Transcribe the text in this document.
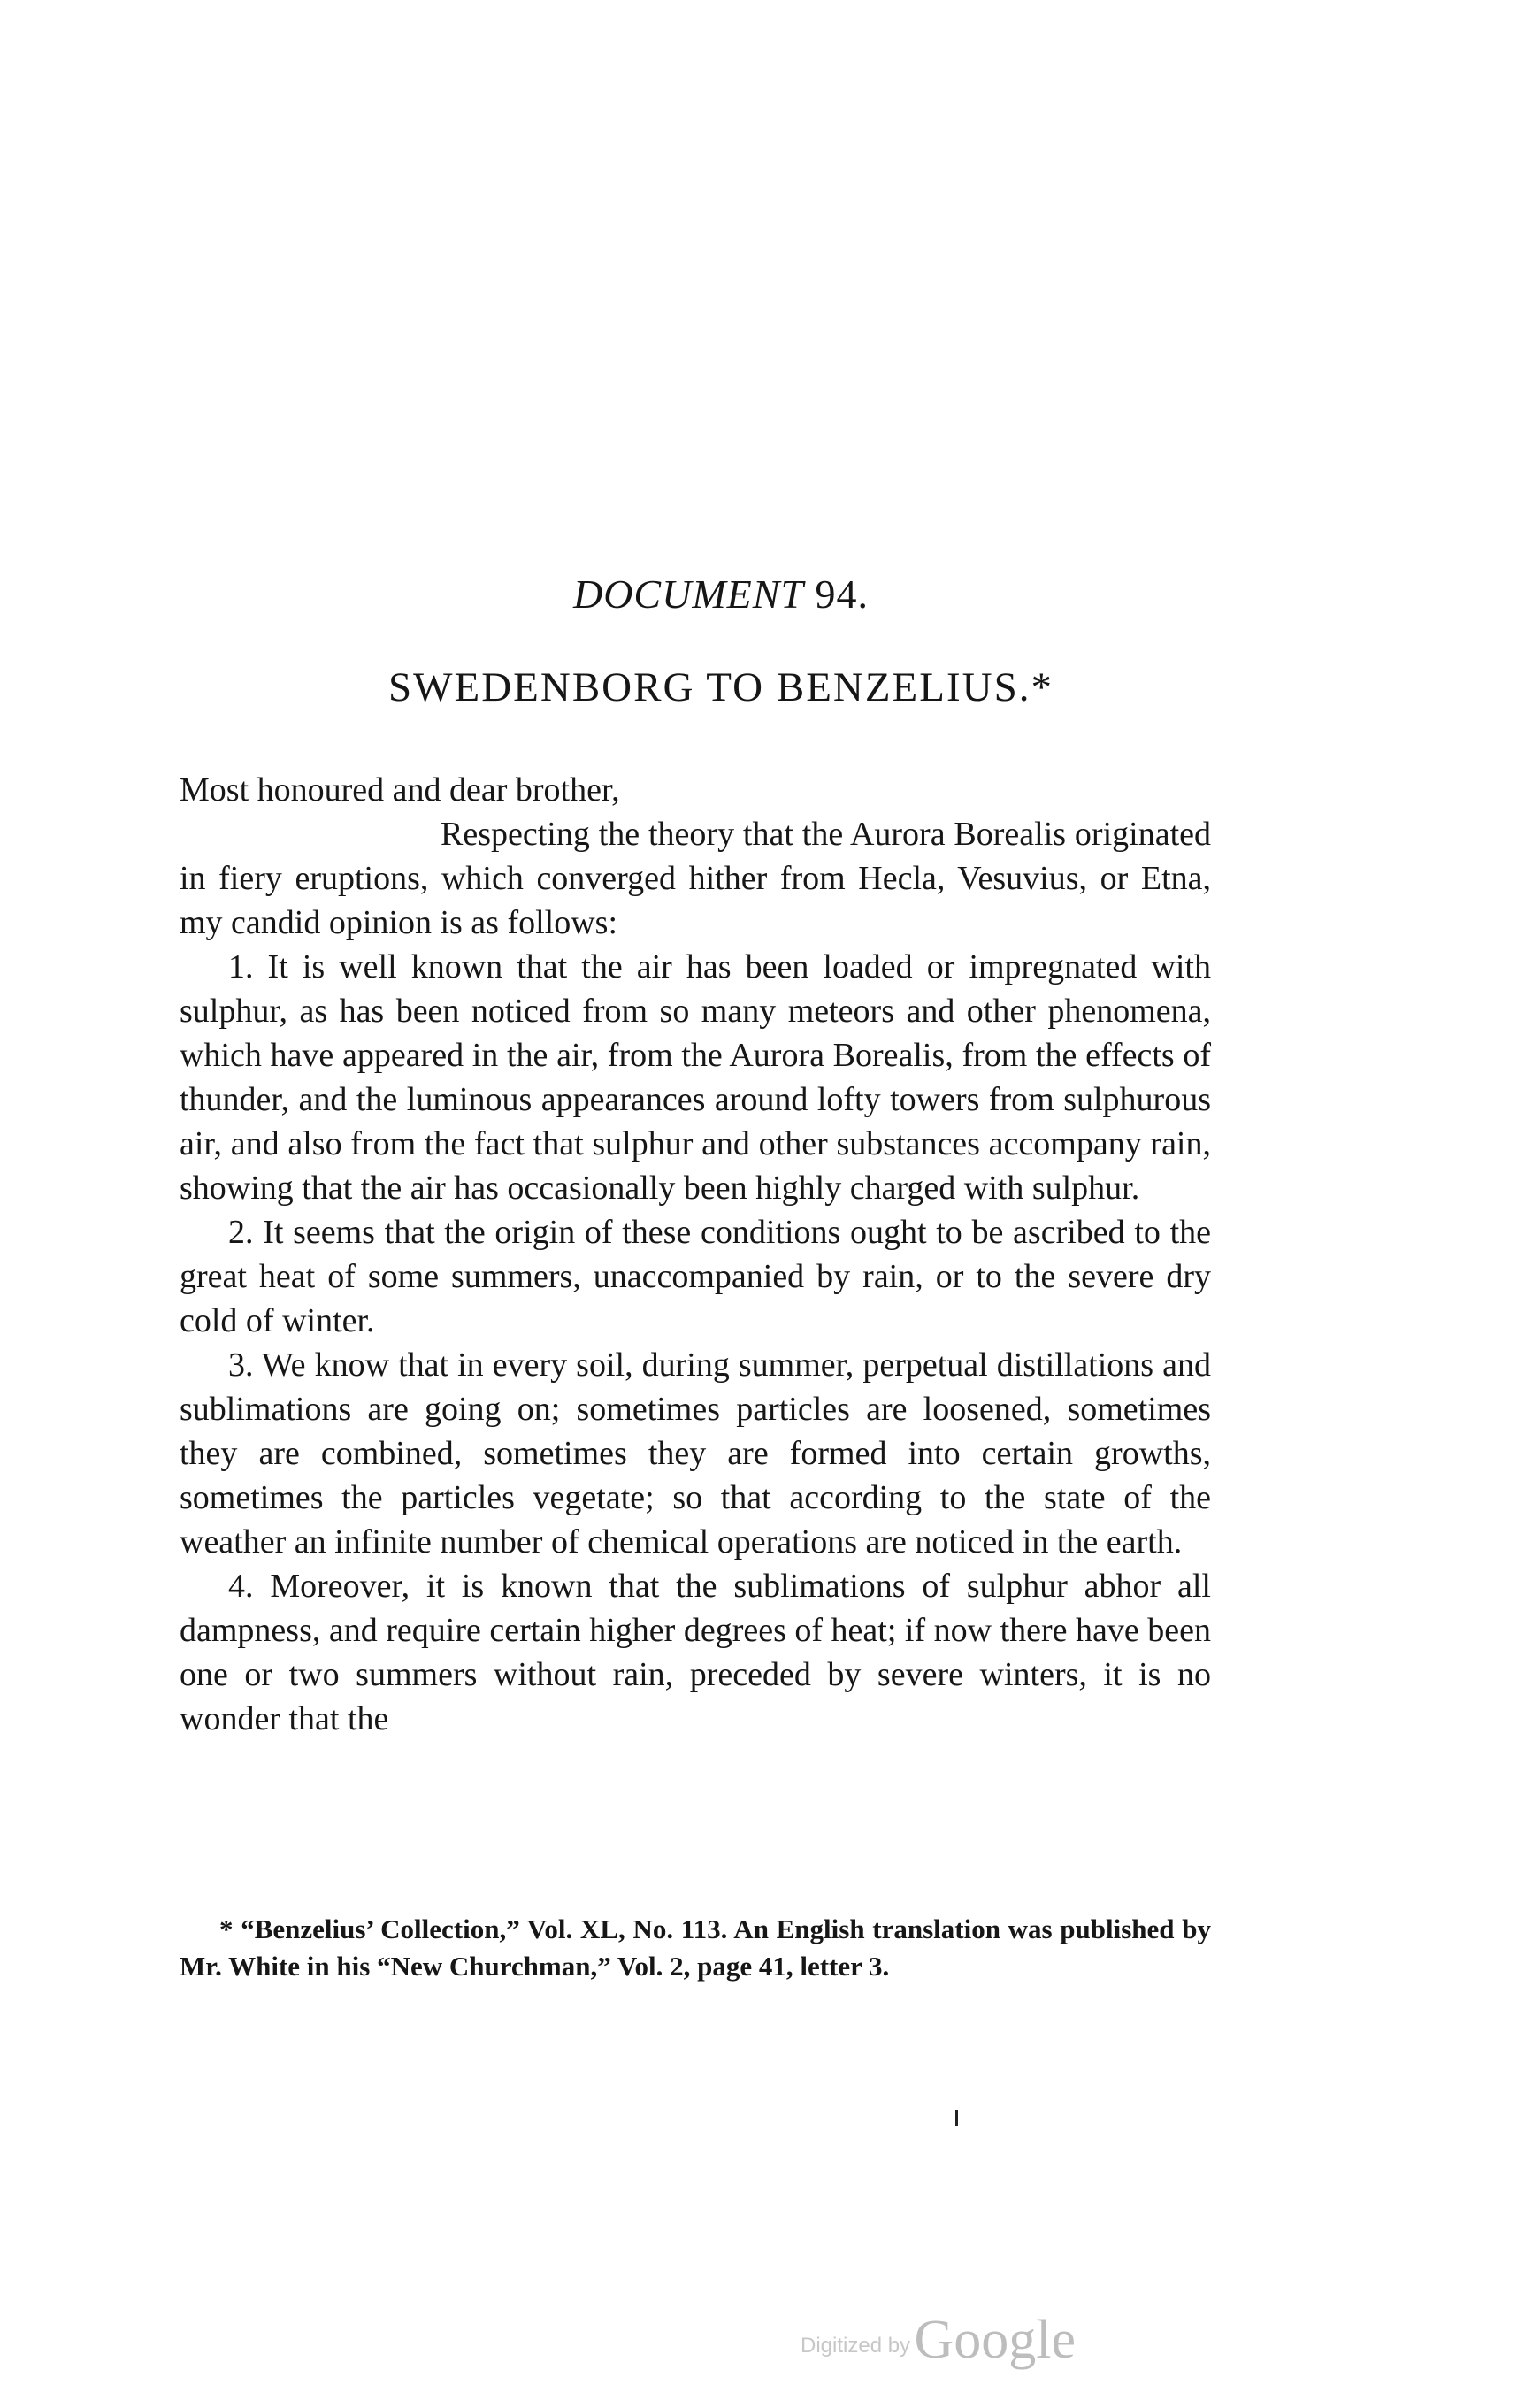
DOCUMENT 94.
SWEDENBORG TO BENZELIUS.*

Most honoured and dear brother,

Respecting the theory that the Aurora Borealis originated in fiery eruptions, which converged hither from Hecla, Vesuvius, or Etna, my candid opinion is as follows:

1. It is well known that the air has been loaded or impregnated with sulphur, as has been noticed from so many meteors and other phenomena, which have appeared in the air, from the Aurora Borealis, from the effects of thunder, and the luminous appearances around lofty towers from sulphurous air, and also from the fact that sulphur and other substances accompany rain, showing that the air has occasionally been highly charged with sulphur.

2. It seems that the origin of these conditions ought to be ascribed to the great heat of some summers, unaccompanied by rain, or to the severe dry cold of winter.

3. We know that in every soil, during summer, perpetual distillations and sublimations are going on; sometimes particles are loosened, sometimes they are combined, sometimes they are formed into certain growths, sometimes the particles vegetate; so that according to the state of the weather an infinite number of chemical operations are noticed in the earth.

4. Moreover, it is known that the sublimations of sulphur abhor all dampness, and require certain higher degrees of heat; if now there have been one or two summers without rain, preceded by severe winters, it is no wonder that the

* “Benzelius’ Collection,” Vol. XL, No. 113. An English translation was published by Mr. White in his “New Churchman,” Vol. 2, page 41, letter 3.

Digitized by Google
